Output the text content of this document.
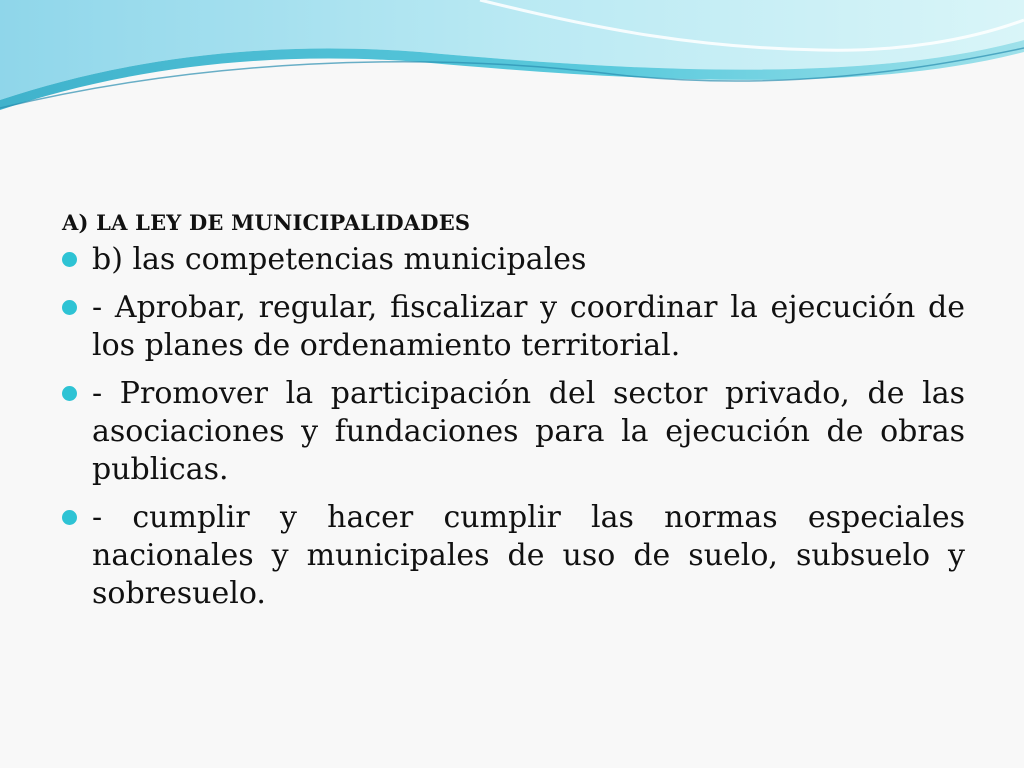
A) LA LEY DE MUNICIPALIDADES
b) las competencias municipales
- Aprobar, regular, fiscalizar y coordinar la ejecución de los planes de ordenamiento territorial.
- Promover la participación del sector privado, de las asociaciones y fundaciones para la ejecución de obras publicas.
- cumplir y hacer cumplir las normas especiales nacionales y municipales de uso de suelo, subsuelo y sobresuelo.
